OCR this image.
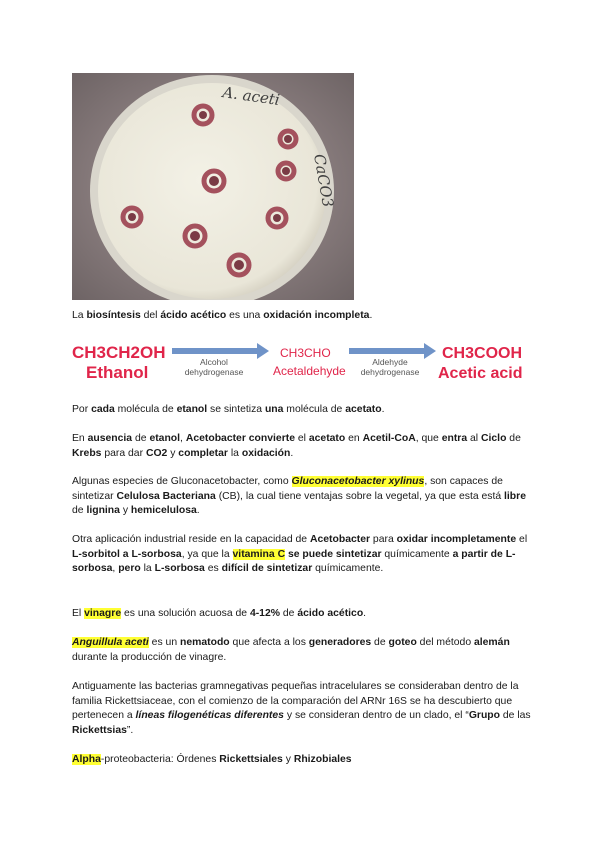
A. aceti
CaCO3

La biosíntesis del ácido acético es una oxidación incompleta.

CH3CH2OH
Ethanol
Alcohol
dehydrogenase
CH3CHO
Acetaldehyde
Aldehyde
dehydrogenase
CH3COOH
Acetic acid

Por cada molécula de etanol se sintetiza una molécula de acetato.

En ausencia de etanol, Acetobacter convierte el acetato en Acetil-CoA, que entra al Ciclo de Krebs para dar CO2 y completar la oxidación.

Algunas especies de Gluconacetobacter, como Gluconacetobacter xylinus, son capaces de sintetizar Celulosa Bacteriana (CB), la cual tiene ventajas sobre la vegetal, ya que esta está libre de lignina y hemicelulosa.

Otra aplicación industrial reside en la capacidad de Acetobacter para oxidar incompletamente el L-sorbitol a L-sorbosa, ya que la vitamina C se puede sintetizar químicamente a partir de L-sorbosa, pero la L-sorbosa es difícil de sintetizar químicamente.

El vinagre es una solución acuosa de 4-12% de ácido acético.

Anguillula aceti es un nematodo que afecta a los generadores de goteo del método alemán durante la producción de vinagre.

Antiguamente las bacterias gramnegativas pequeñas intracelulares se consideraban dentro de la familia Rickettsiaceae, con el comienzo de la comparación del ARNr 16S se ha descubierto que pertenecen a líneas filogenéticas diferentes y se consideran dentro de un clado, el “Grupo de las Rickettsias”.

Alpha-proteobacteria: Órdenes Rickettsiales y Rhizobiales
